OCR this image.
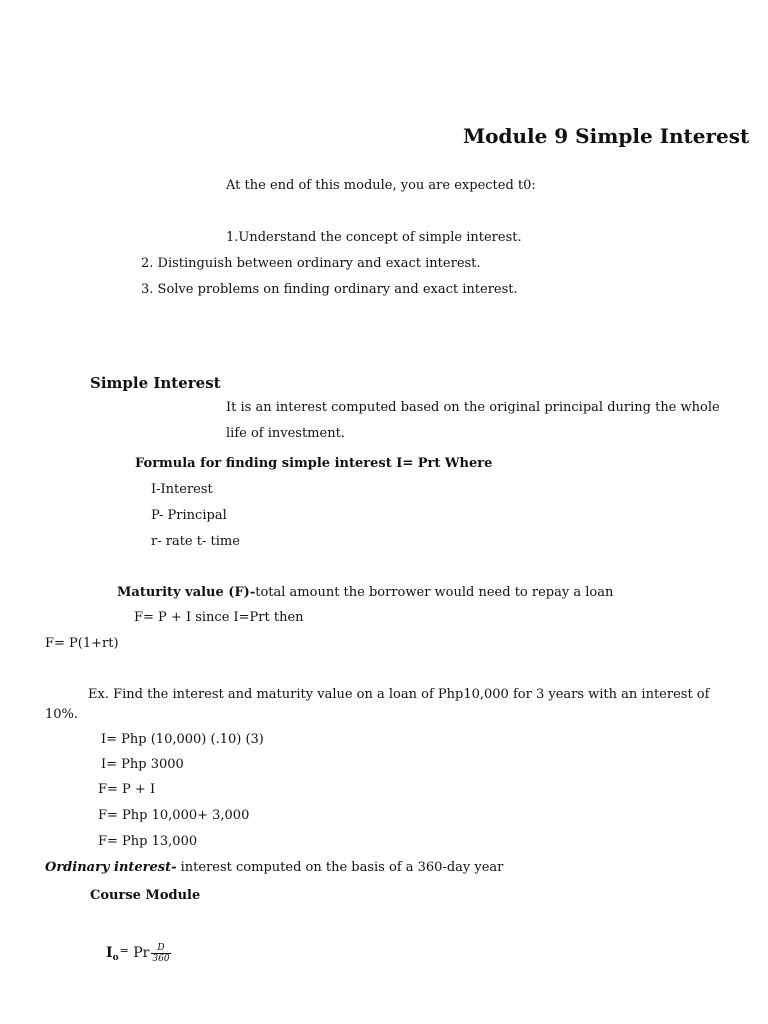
Module 9 Simple Interest
At the end of this module, you are expected t0:
1.Understand the concept of simple interest.
2. Distinguish between ordinary and exact interest.
3. Solve problems on finding ordinary and exact interest.
Simple Interest
It is an interest computed based on the original principal during the whole
life of investment.
Formula for finding simple interest I= Prt Where
I-Interest
P- Principal
r- rate t- time
Maturity value (F)-total amount the borrower would need to repay a loan
F= P + I since I=Prt then
F= P(1+rt)
Ex. Find the interest and maturity value on a loan of Php10,000 for 3 years with an interest of
10%.
I= Php (10,000) (.10) (3)
I= Php 3000
F= P + I
F= Php 10,000+ 3,000
F= Php 13,000
Ordinary interest- interest computed on the basis of a 360-day year
Course Module
$I_o^=$ Pr $\frac{D}{360}$
